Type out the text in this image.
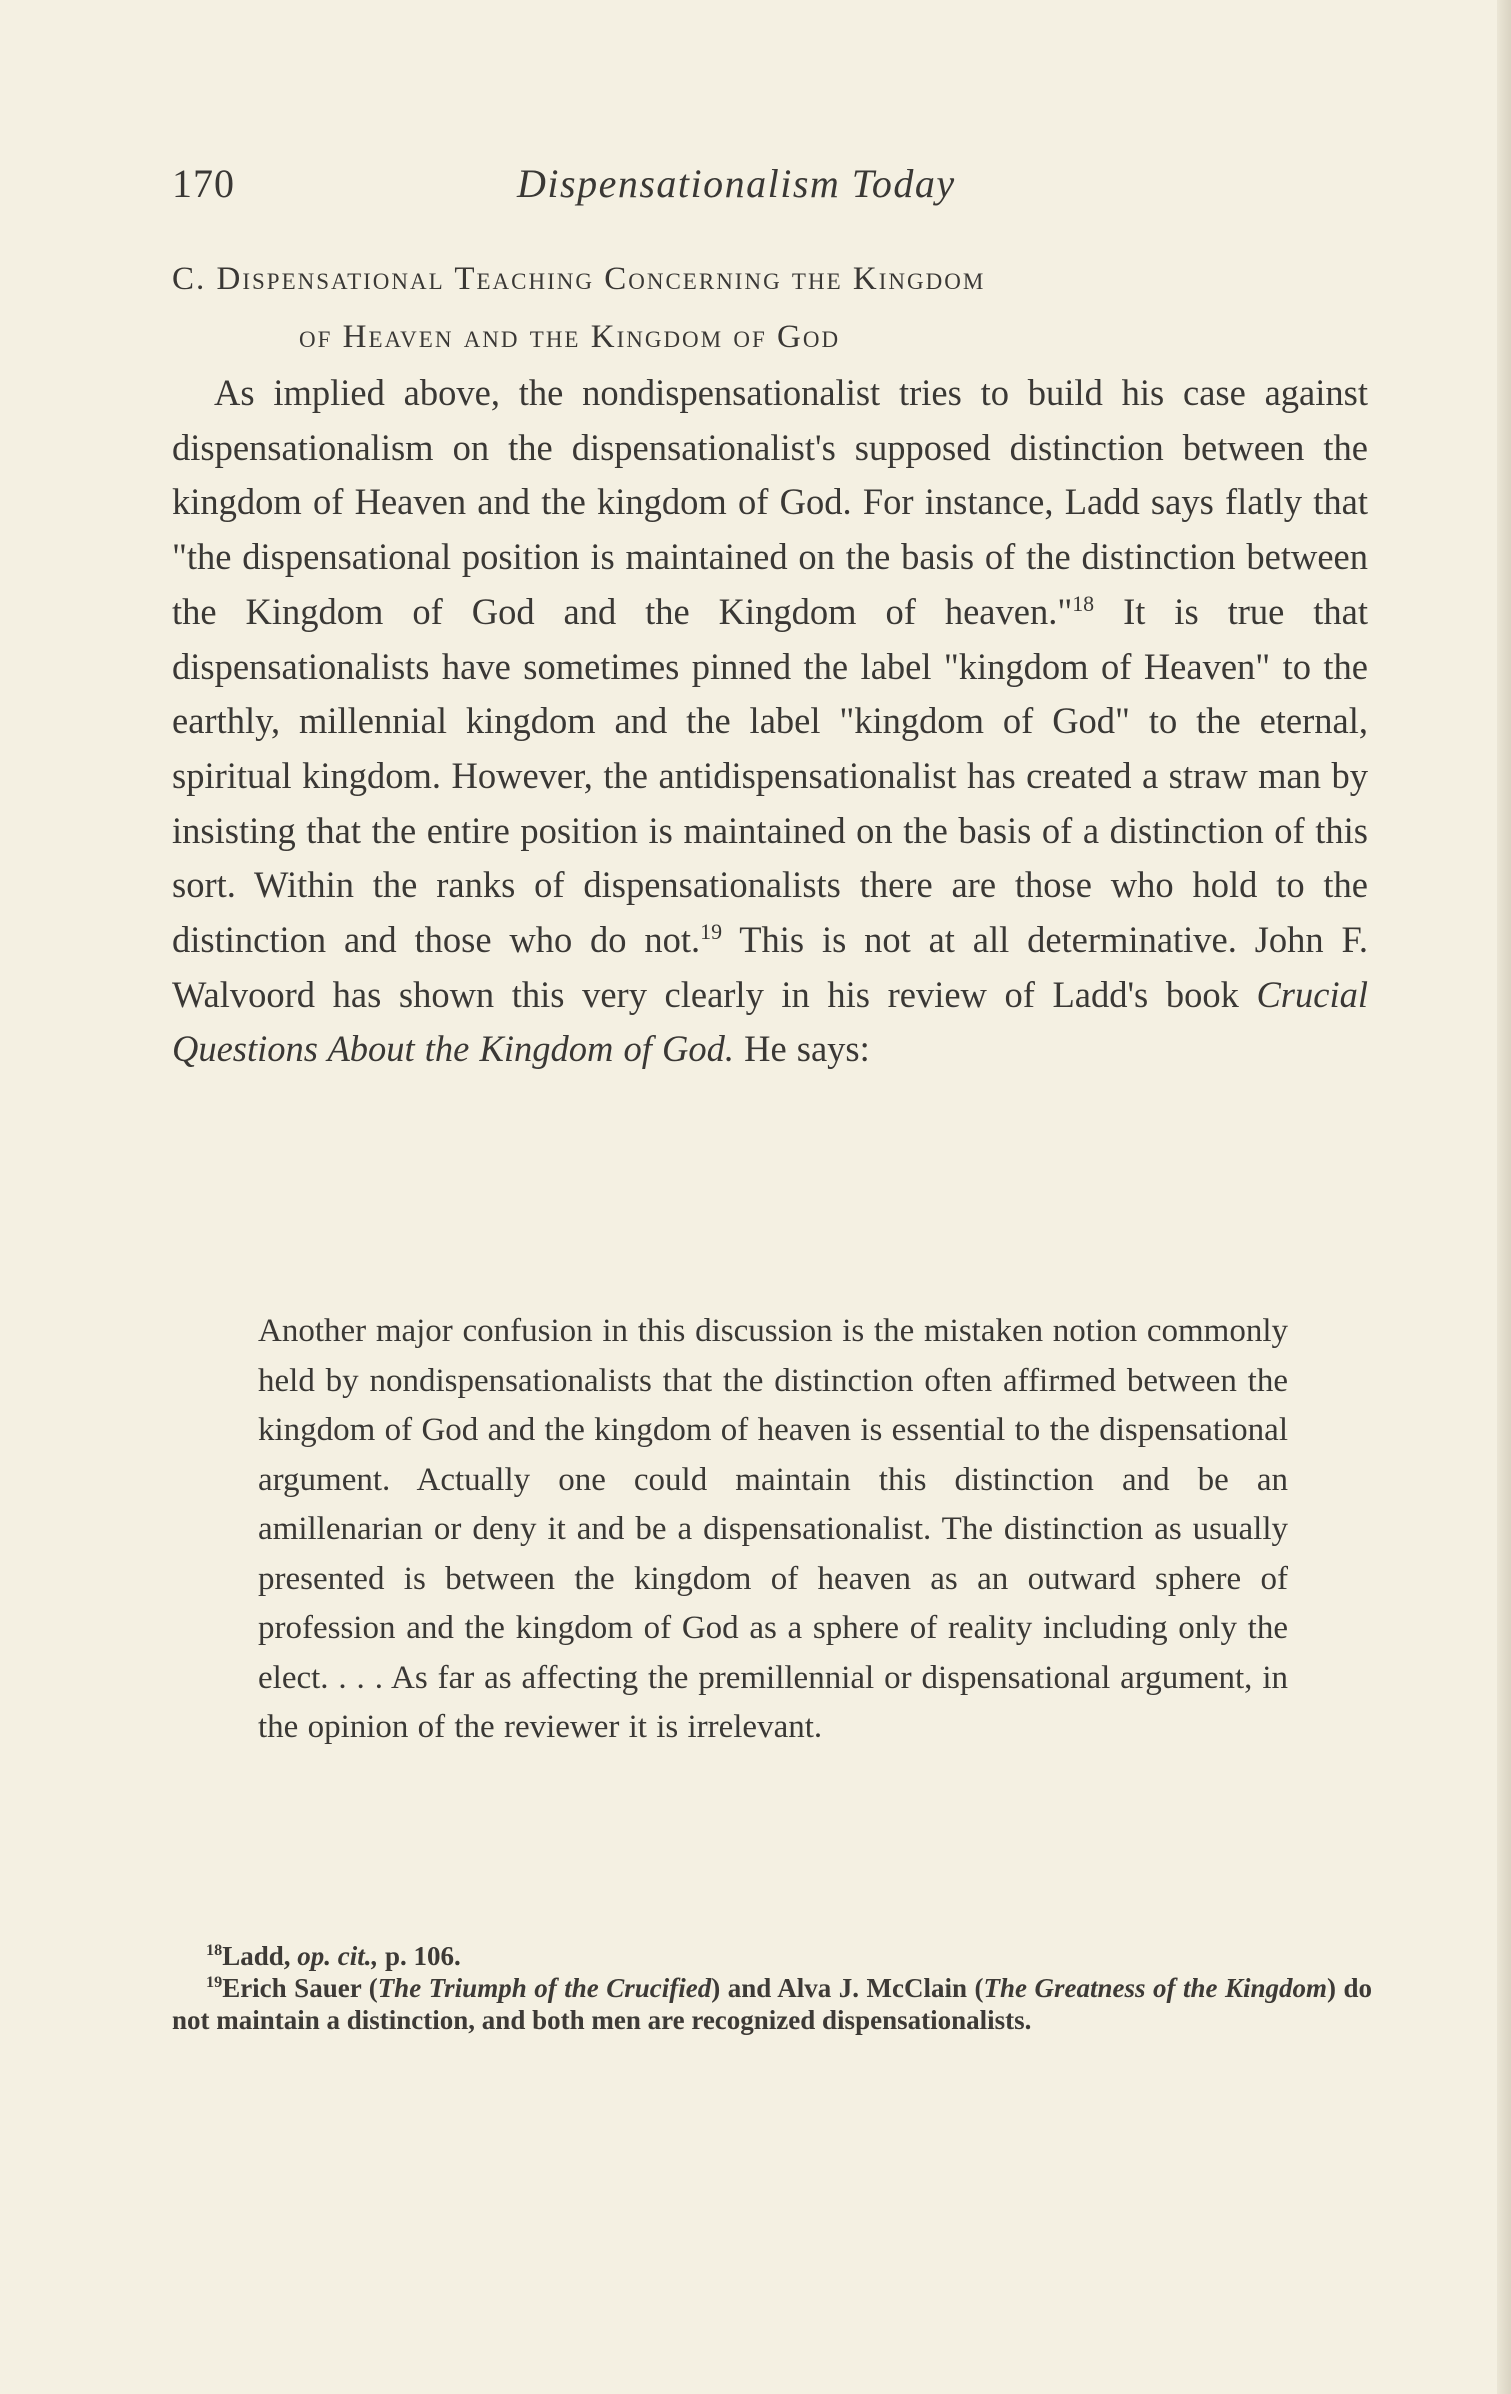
170	Dispensationalism Today
C. Dispensational Teaching Concerning the Kingdom
of Heaven and the Kingdom of God

As implied above, the nondispensationalist tries to build his case against dispensationalism on the dispensationalist's supposed distinction between the kingdom of Heaven and the kingdom of God. For instance, Ladd says flatly that "the dispensational position is maintained on the basis of the distinction between the Kingdom of God and the Kingdom of heaven."$^{18}$ It is true that dispensationalists have sometimes pinned the label "kingdom of Heaven" to the earthly, millennial kingdom and the label "kingdom of God" to the eternal, spiritual kingdom. However, the antidispensationalist has created a straw man by insisting that the entire position is maintained on the basis of a distinction of this sort. Within the ranks of dispensationalists there are those who hold to the distinction and those who do not.$^{19}$ This is not at all determinative. John F. Walvoord has shown this very clearly in his review of Ladd's book Crucial Questions About the Kingdom of God. He says:

Another major confusion in this discussion is the mistaken notion commonly held by nondispensationalists that the distinction often affirmed between the kingdom of God and the kingdom of heaven is essential to the dispensational argument. Actually one could maintain this distinction and be an amillenarian or deny it and be a dispensationalist. The distinction as usually presented is between the kingdom of heaven as an outward sphere of profession and the kingdom of God as a sphere of reality including only the elect. . . . As far as affecting the premillennial or dispensational argument, in the opinion of the reviewer it is irrelevant.

$^{18}$Ladd, op. cit., p. 106.

$^{19}$Erich Sauer (The Triumph of the Crucified) and Alva J. McClain (The Greatness of the Kingdom) do not maintain a distinction, and both men are recognized dispensationalists.
